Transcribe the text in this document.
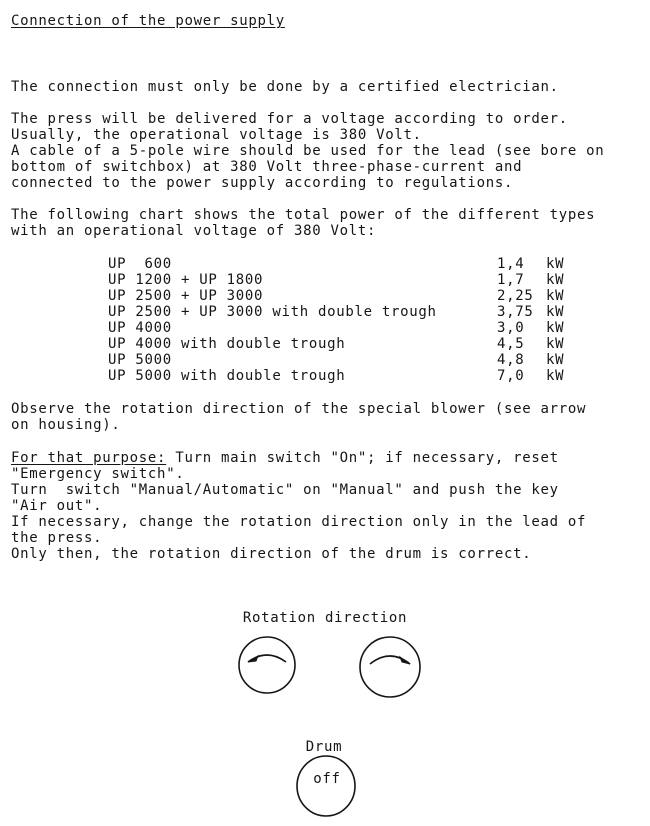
Connection of the power supply
The connection must only be done by a certified electrician.
The press will be delivered for a voltage according to order.
Usually, the operational voltage is 380 Volt.
A cable of a 5-pole wire should be used for the lead (see bore on
bottom of switchbox) at 380 Volt three-phase-current and
connected to the power supply according to regulations.
The following chart shows the total power of the different types
with an operational voltage of 380 Volt:
UP  600	1,4 kW
UP 1200 + UP 1800	1,7 kW
UP 2500 + UP 3000	2,25 kW
UP 2500 + UP 3000 with double trough	3,75 kW
UP 4000	3,0 kW
UP 4000 with double trough	4,5 kW
UP 5000	4,8 kW
UP 5000 with double trough	7,0 kW
Observe the rotation direction of the special blower (see arrow
on housing).
For that purpose: Turn main switch "On"; if necessary, reset
"Emergency switch".
Turn  switch "Manual/Automatic" on "Manual" and push the key
"Air out".
If necessary, change the rotation direction only in the lead of
the press.
Only then, the rotation direction of the drum is correct.
Rotation direction
Drum
off
